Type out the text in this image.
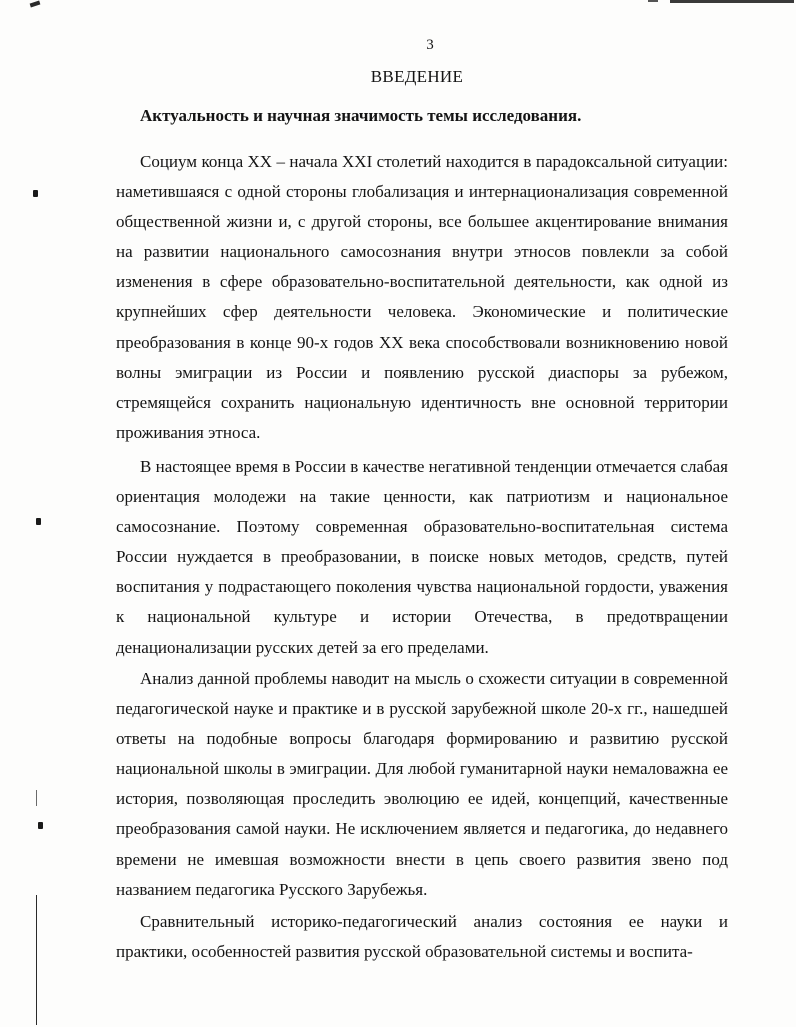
3
ВВЕДЕНИЕ
Актуальность и научная значимость темы исследования.

Социум конца XX – начала XXI столетий находится в парадоксальной ситуации: наметившаяся с одной стороны глобализация и интернационализация современной общественной жизни и, с другой стороны, все большее акцентирование внимания на развитии национального самосознания внутри этносов повлекли за собой изменения в сфере образовательно-воспитательной деятельности, как одной из крупнейших сфер деятельности человека. Экономические и политические преобразования в конце 90-х годов XX века способствовали возникновению новой волны эмиграции из России и появлению русской диаспоры за рубежом, стремящейся сохранить национальную идентичность вне основной территории проживания этноса.

В настоящее время в России в качестве негативной тенденции отмечается слабая ориентация молодежи на такие ценности, как патриотизм и национальное самосознание. Поэтому современная образовательно-воспитательная система России нуждается в преобразовании, в поиске новых методов, средств, путей воспитания у подрастающего поколения чувства национальной гордости, уважения к национальной культуре и истории Отечества, в предотвращении денационализации русских детей за его пределами.

Анализ данной проблемы наводит на мысль о схожести ситуации в современной педагогической науке и практике и в русской зарубежной школе 20-х гг., нашедшей ответы на подобные вопросы благодаря формированию и развитию русской национальной школы в эмиграции. Для любой гуманитарной науки немаловажна ее история, позволяющая проследить эволюцию ее идей, концепций, качественные преобразования самой науки. Не исключением является и педагогика, до недавнего времени не имевшая возможности внести в цепь своего развития звено под названием педагогика Русского Зарубежья.

Сравнительный историко-педагогический анализ состояния ее науки и практики, особенностей развития русской образовательной системы и воспита-
